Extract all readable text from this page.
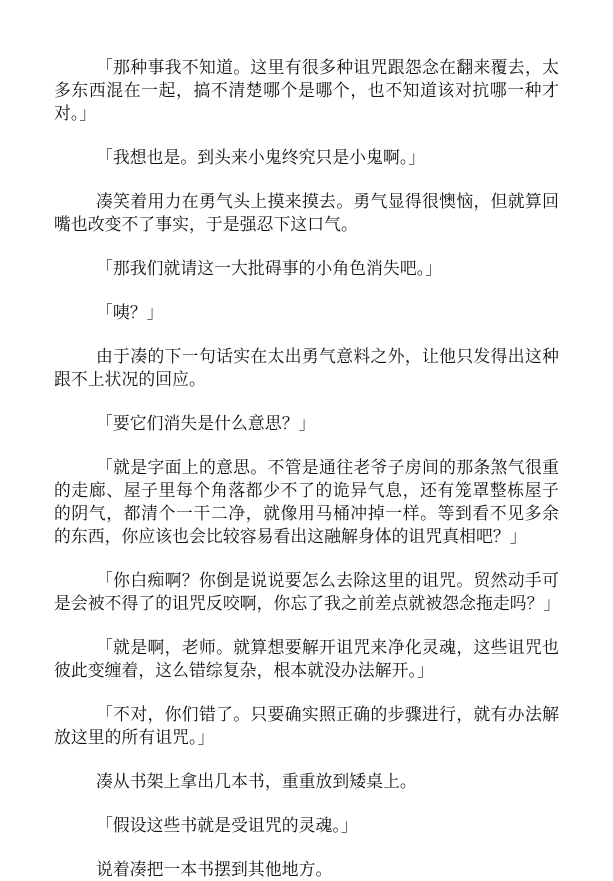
「那种事我不知道。这里有很多种诅咒跟怨念在翻来覆去，太多东西混在一起，搞不清楚哪个是哪个，也不知道该对抗哪一种才对。」

「我想也是。到头来小鬼终究只是小鬼啊。」

凑笑着用力在勇气头上摸来摸去。勇气显得很懊恼，但就算回嘴也改变不了事实，于是强忍下这口气。

「那我们就请这一大批碍事的小角色消失吧。」

「咦？」

由于凑的下一句话实在太出勇气意料之外，让他只发得出这种跟不上状况的回应。

「要它们消失是什么意思？」

「就是字面上的意思。不管是通往老爷子房间的那条煞气很重的走廊、屋子里每个角落都少不了的诡异气息，还有笼罩整栋屋子的阴气，都清个一干二净，就像用马桶冲掉一样。等到看不见多余的东西，你应该也会比较容易看出这融解身体的诅咒真相吧？」

「你白痴啊？你倒是说说要怎么去除这里的诅咒。贸然动手可是会被不得了的诅咒反咬啊，你忘了我之前差点就被怨念拖走吗？」

「就是啊，老师。就算想要解开诅咒来净化灵魂，这些诅咒也彼此变缠着，这么错综复杂，根本就没办法解开。」

「不对，你们错了。只要确实照正确的步骤进行，就有办法解放这里的所有诅咒。」

凑从书架上拿出几本书，重重放到矮桌上。

「假设这些书就是受诅咒的灵魂。」

说着凑把一本书摆到其他地方。
